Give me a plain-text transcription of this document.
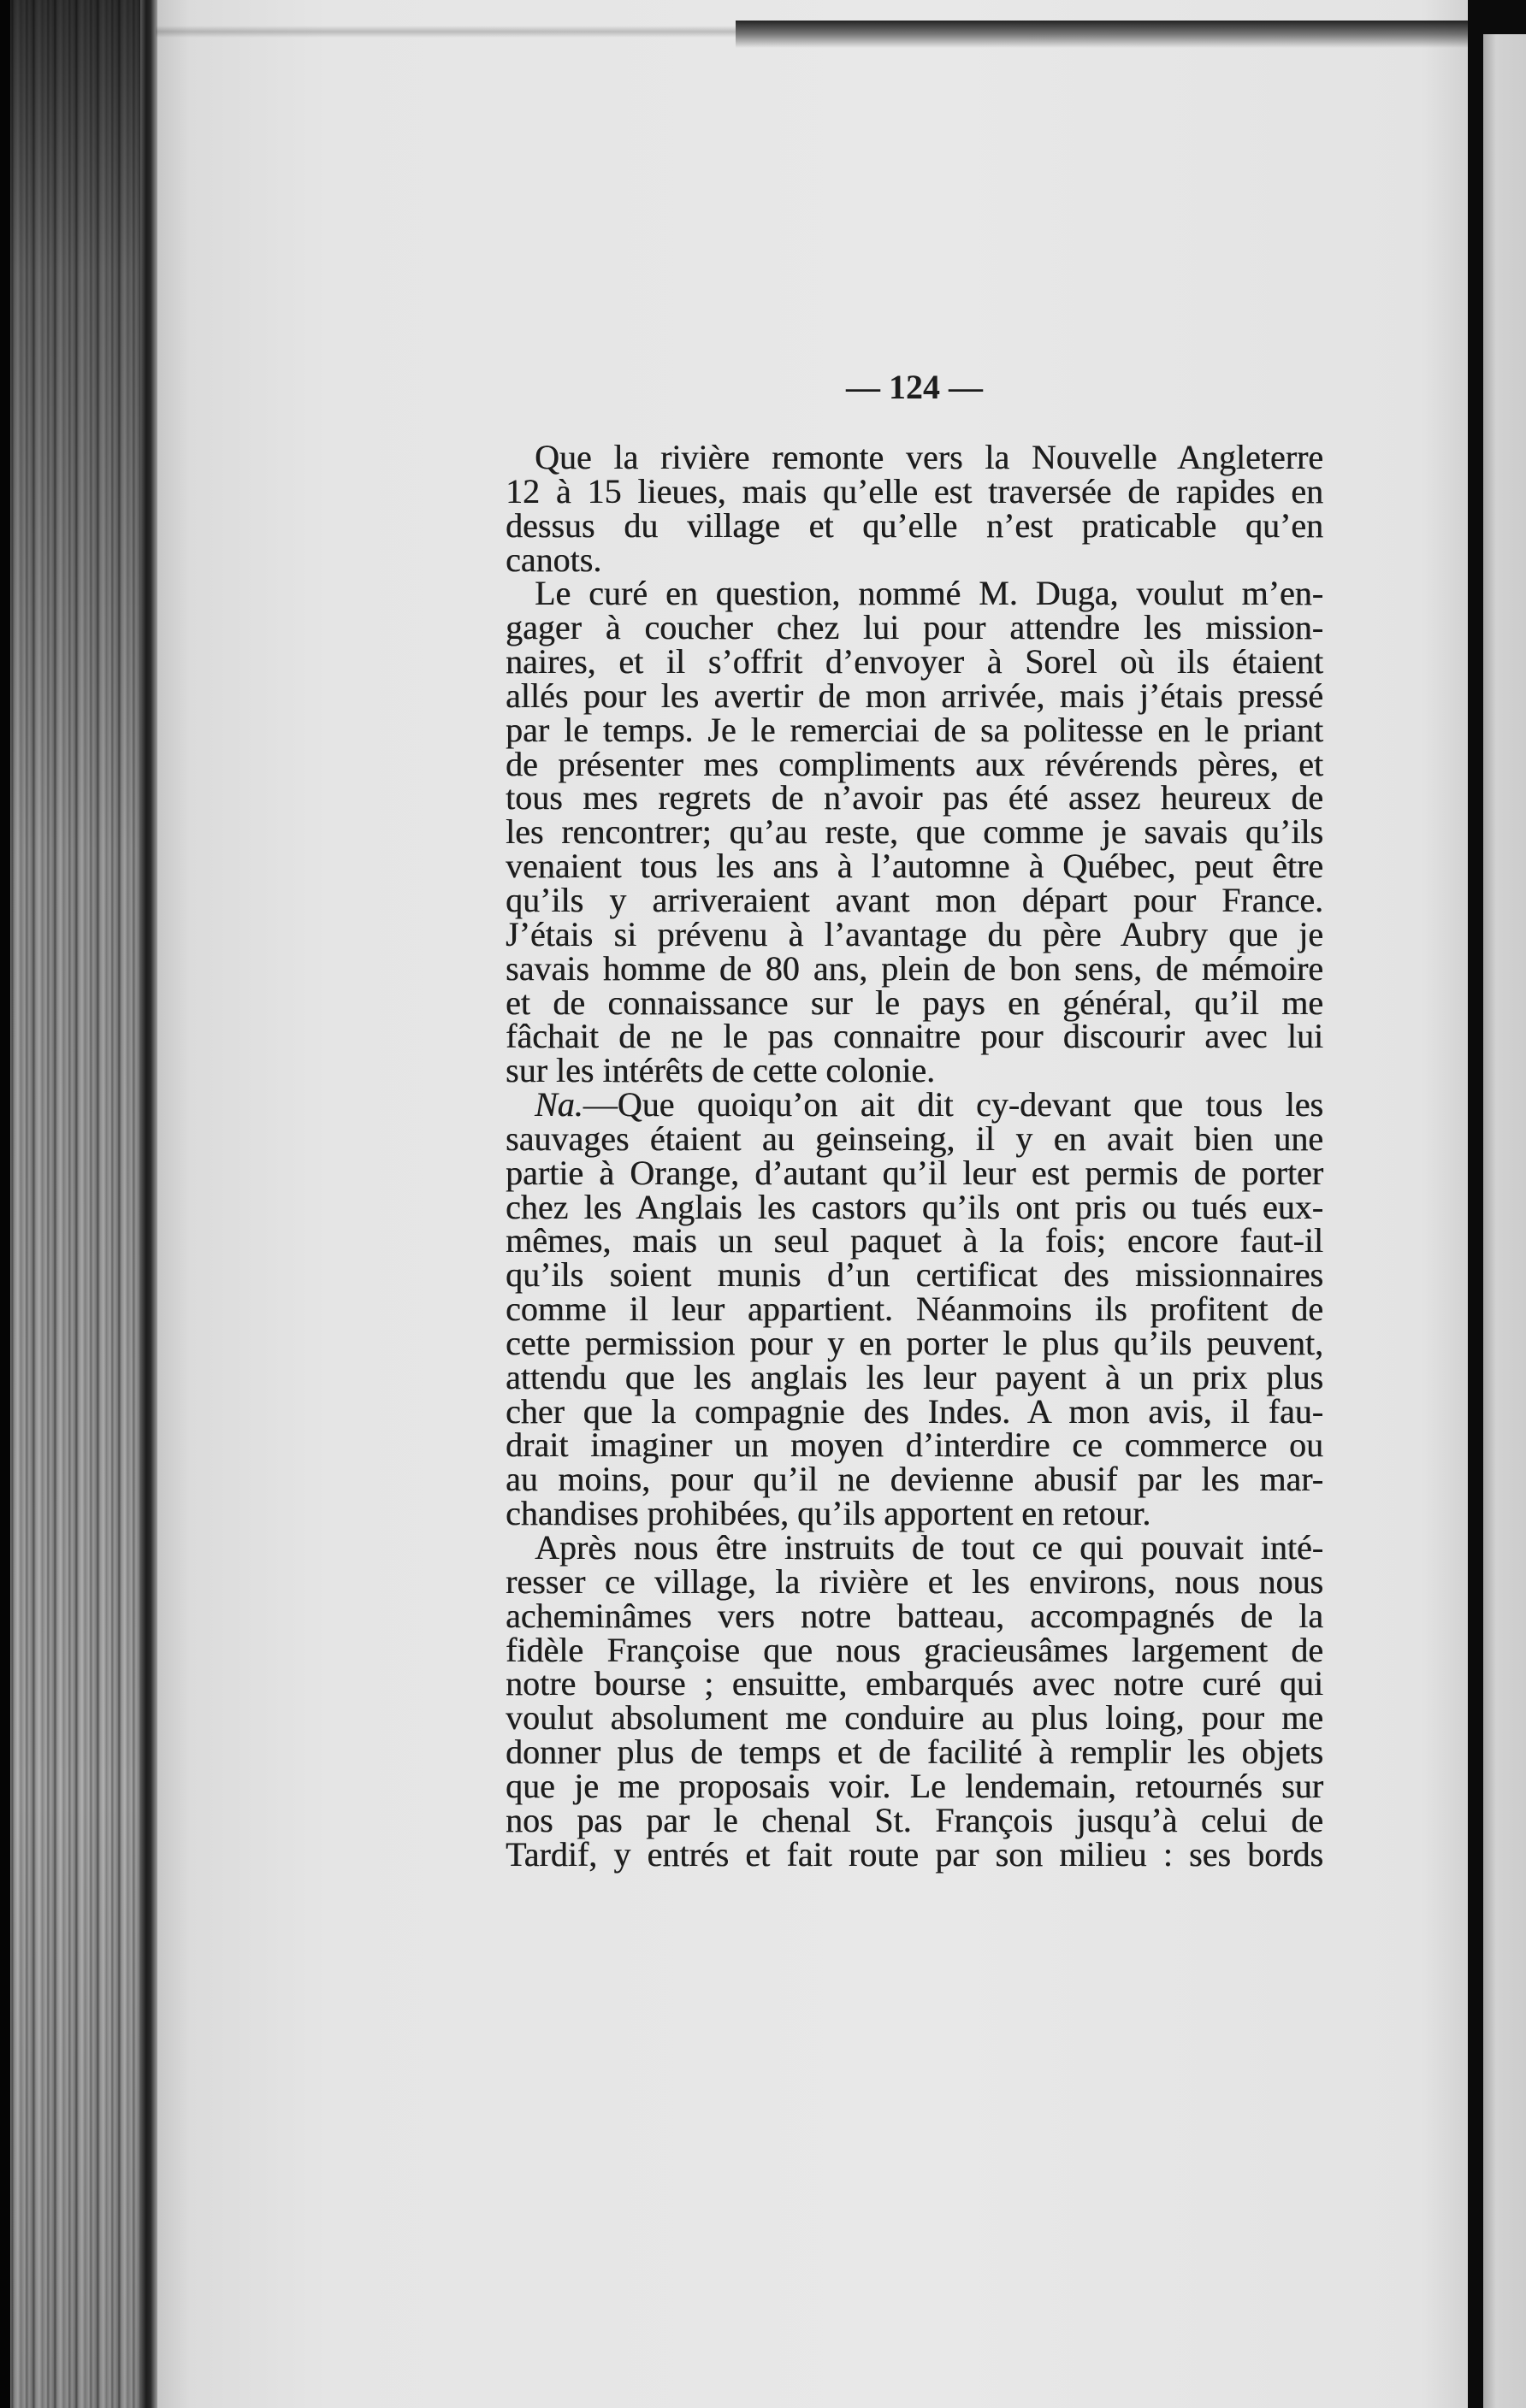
— 124 —
Que la rivière remonte vers la Nouvelle Angleterre
12 à 15 lieues, mais qu’elle est traversée de rapides en
dessus du village et qu’elle n’est praticable qu’en
canots.
Le curé en question, nommé M. Duga, voulut m’en-
gager à coucher chez lui pour attendre les mission-
naires, et il s’offrit d’envoyer à Sorel où ils étaient
allés pour les avertir de mon arrivée, mais j’étais pressé
par le temps. Je le remerciai de sa politesse en le priant
de présenter mes compliments aux révérends pères, et
tous mes regrets de n’avoir pas été assez heureux de
les rencontrer; qu’au reste, que comme je savais qu’ils
venaient tous les ans à l’automne à Québec, peut être
qu’ils y arriveraient avant mon départ pour France.
J’étais si prévenu à l’avantage du père Aubry que je
savais homme de 80 ans, plein de bon sens, de mémoire
et de connaissance sur le pays en général, qu’il me
fâchait de ne le pas connaitre pour discourir avec lui
sur les intérêts de cette colonie.
Na.—Que quoiqu’on ait dit cy-devant que tous les
sauvages étaient au geinseing, il y en avait bien une
partie à Orange, d’autant qu’il leur est permis de porter
chez les Anglais les castors qu’ils ont pris ou tués eux-
mêmes, mais un seul paquet à la fois; encore faut-il
qu’ils soient munis d’un certificat des missionnaires
comme il leur appartient. Néanmoins ils profitent de
cette permission pour y en porter le plus qu’ils peuvent,
attendu que les anglais les leur payent à un prix plus
cher que la compagnie des Indes. A mon avis, il fau-
drait imaginer un moyen d’interdire ce commerce ou
au moins, pour qu’il ne devienne abusif par les mar-
chandises prohibées, qu’ils apportent en retour.
Après nous être instruits de tout ce qui pouvait inté-
resser ce village, la rivière et les environs, nous nous
acheminâmes vers notre batteau, accompagnés de la
fidèle Françoise que nous gracieusâmes largement de
notre bourse ; ensuitte, embarqués avec notre curé qui
voulut absolument me conduire au plus loing, pour me
donner plus de temps et de facilité à remplir les objets
que je me proposais voir. Le lendemain, retournés sur
nos pas par le chenal St. François jusqu’à celui de
Tardif, y entrés et fait route par son milieu : ses bords
